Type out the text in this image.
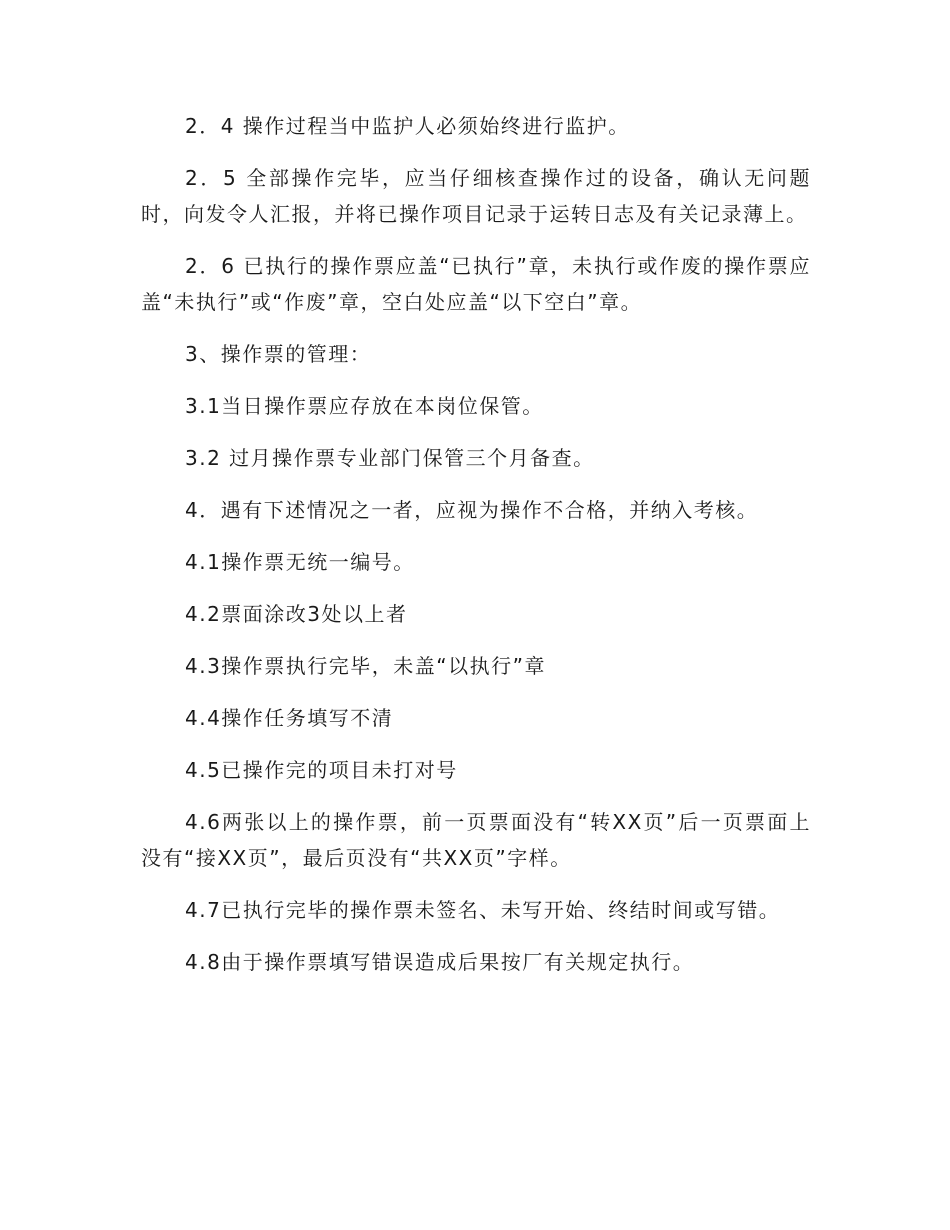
2．4 操作过程当中监护人必须始终进行监护。

2．5 全部操作完毕，应当仔细核查操作过的设备，确认无问题时，向发令人汇报，并将已操作项目记录于运转日志及有关记录薄上。

2．6 已执行的操作票应盖“已执行”章，未执行或作废的操作票应盖“未执行”或“作废”章，空白处应盖“以下空白”章。

3、操作票的管理：

3.1当日操作票应存放在本岗位保管。

3.2 过月操作票专业部门保管三个月备查。

4．遇有下述情况之一者，应视为操作不合格，并纳入考核。

4.1操作票无统一编号。

4.2票面涂改3处以上者

4.3操作票执行完毕，未盖“以执行”章

4.4操作任务填写不清

4.5已操作完的项目未打对号

4.6两张以上的操作票，前一页票面没有“转XX页”后一页票面上没有“接XX页”，最后页没有“共XX页”字样。

4.7已执行完毕的操作票未签名、未写开始、终结时间或写错。

4.8由于操作票填写错误造成后果按厂有关规定执行。
